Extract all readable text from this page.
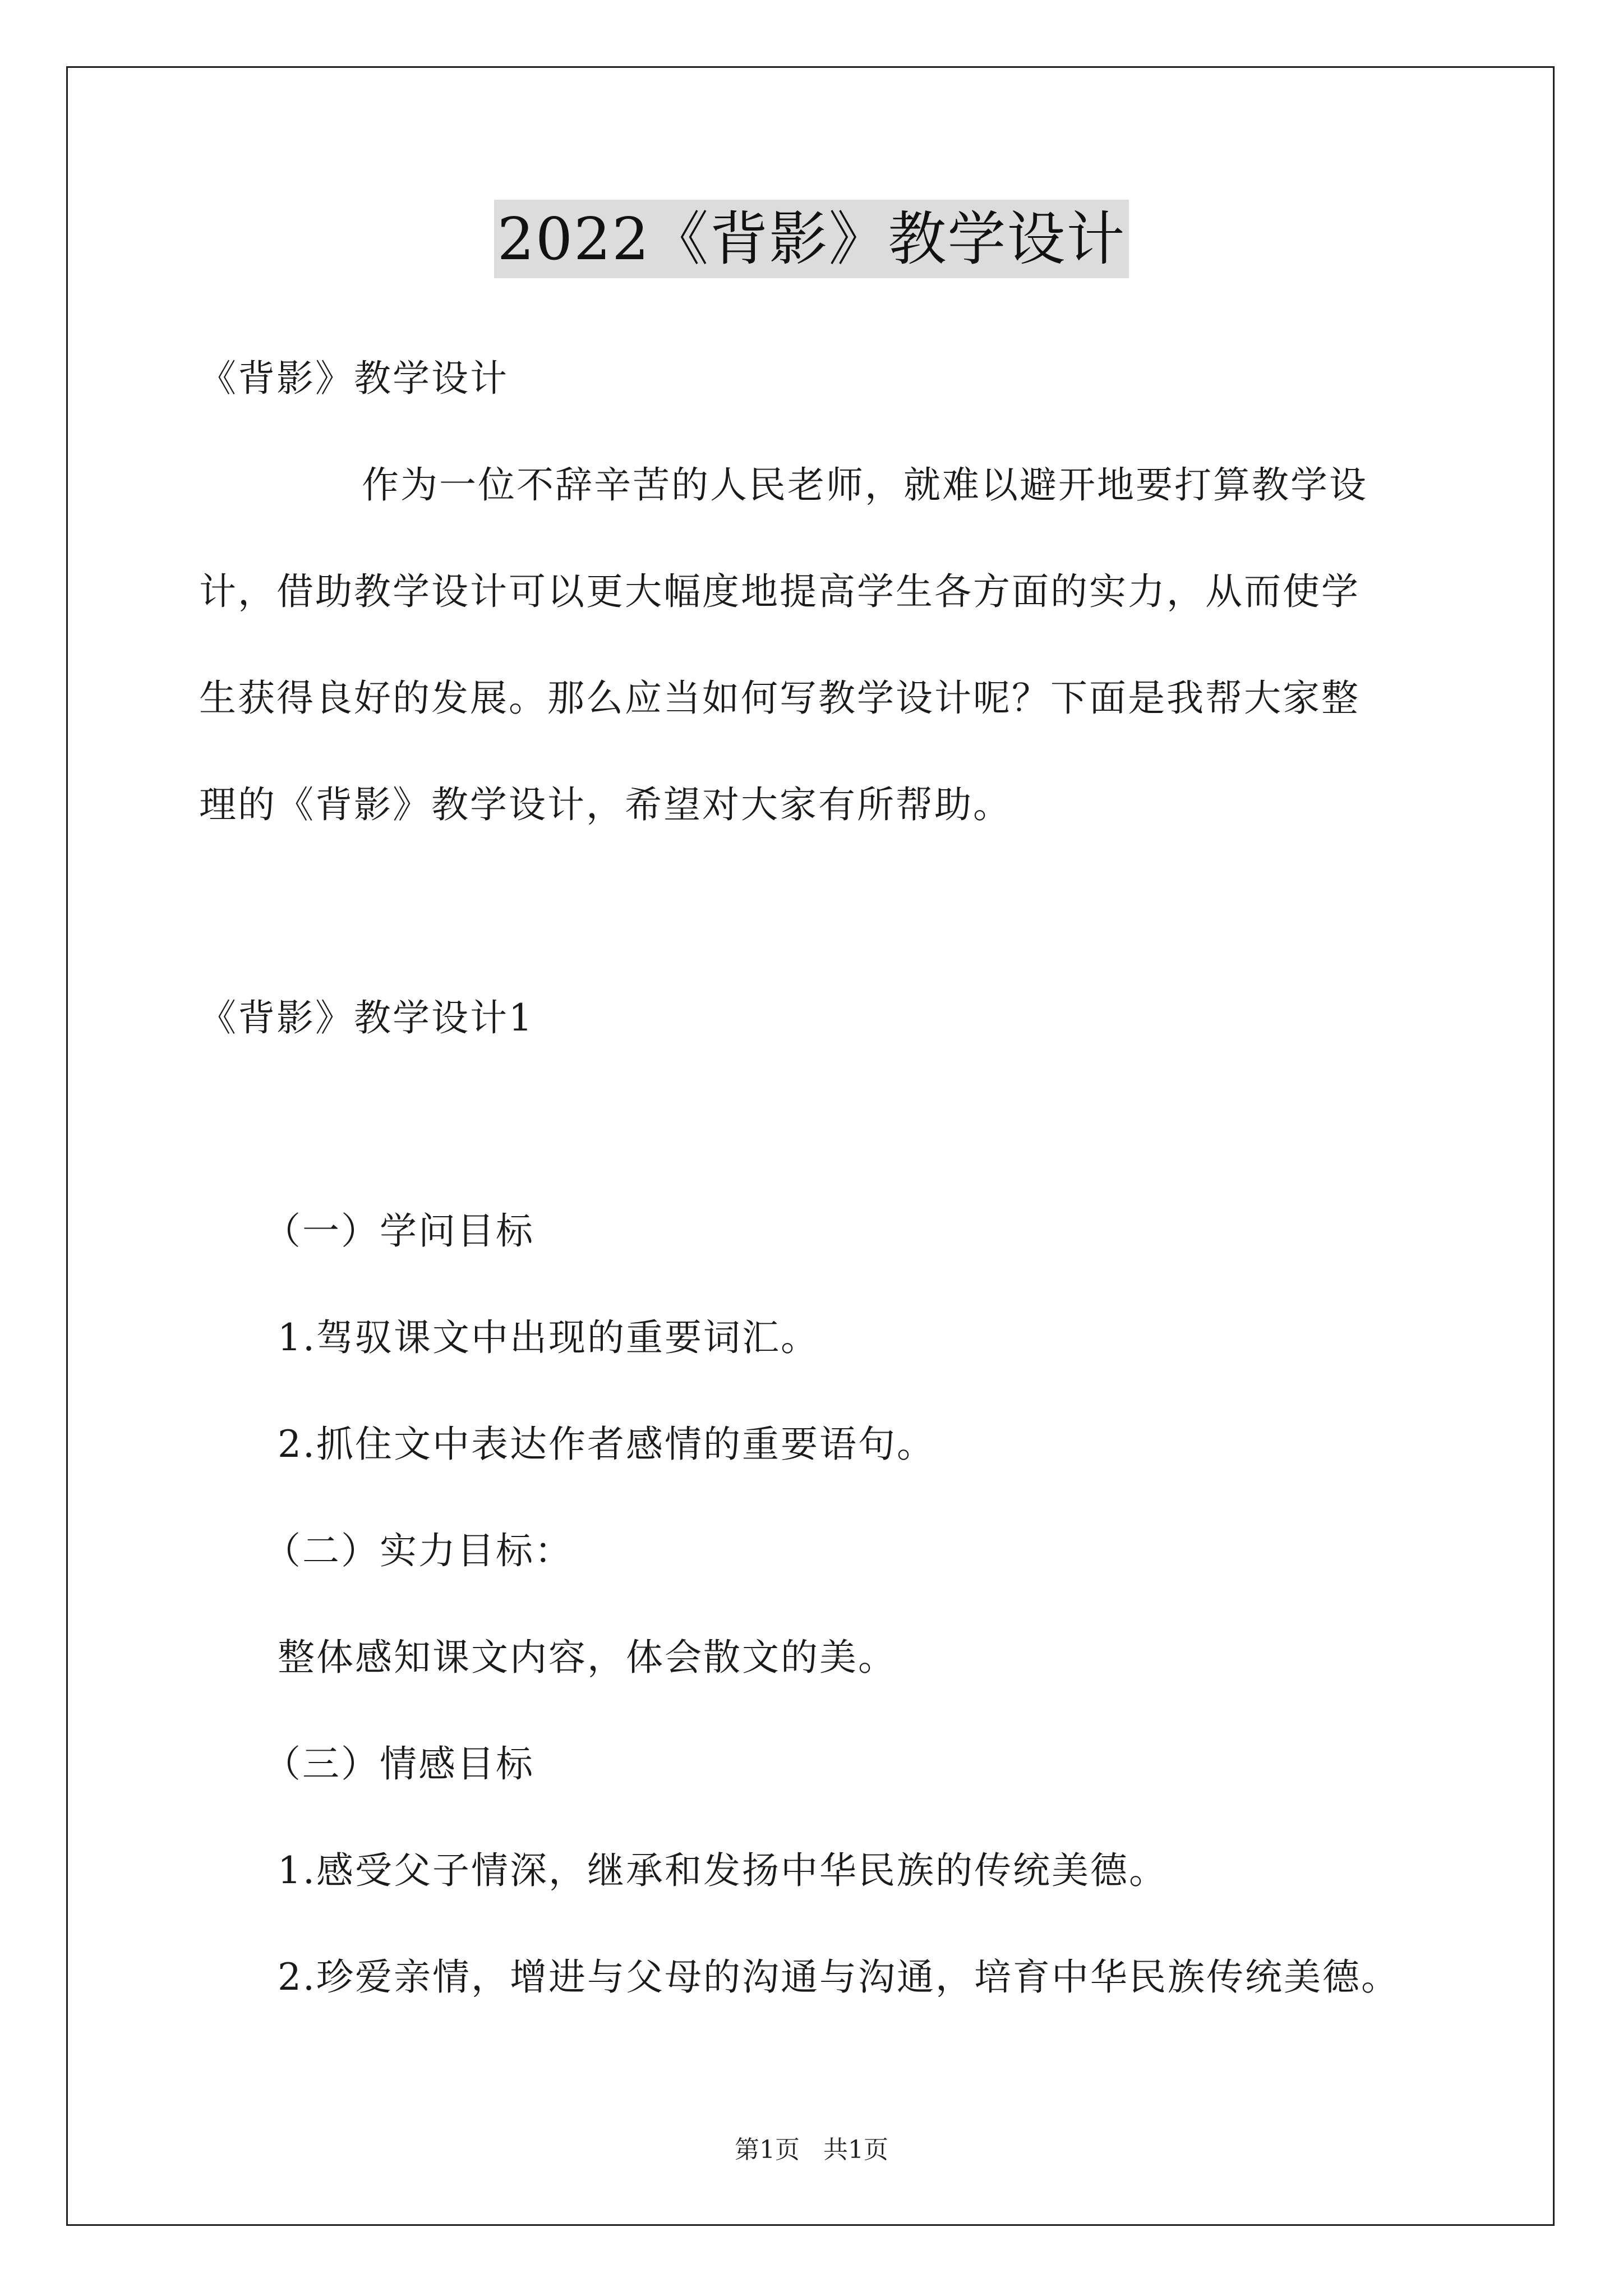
2022《背影》教学设计
《背影》教学设计
作为一位不辞辛苦的人民老师，就难以避开地要打算教学设
计，借助教学设计可以更大幅度地提高学生各方面的实力，从而使学
生获得良好的发展。那么应当如何写教学设计呢？下面是我帮大家整
理的《背影》教学设计，希望对大家有所帮助。
《背影》教学设计1
（一）学问目标
1.驾驭课文中出现的重要词汇。
2.抓住文中表达作者感情的重要语句。
（二）实力目标：
整体感知课文内容，体会散文的美。
（三）情感目标
1.感受父子情深，继承和发扬中华民族的传统美德。
2.珍爱亲情，增进与父母的沟通与沟通，培育中华民族传统美德。
第1页 共1页
